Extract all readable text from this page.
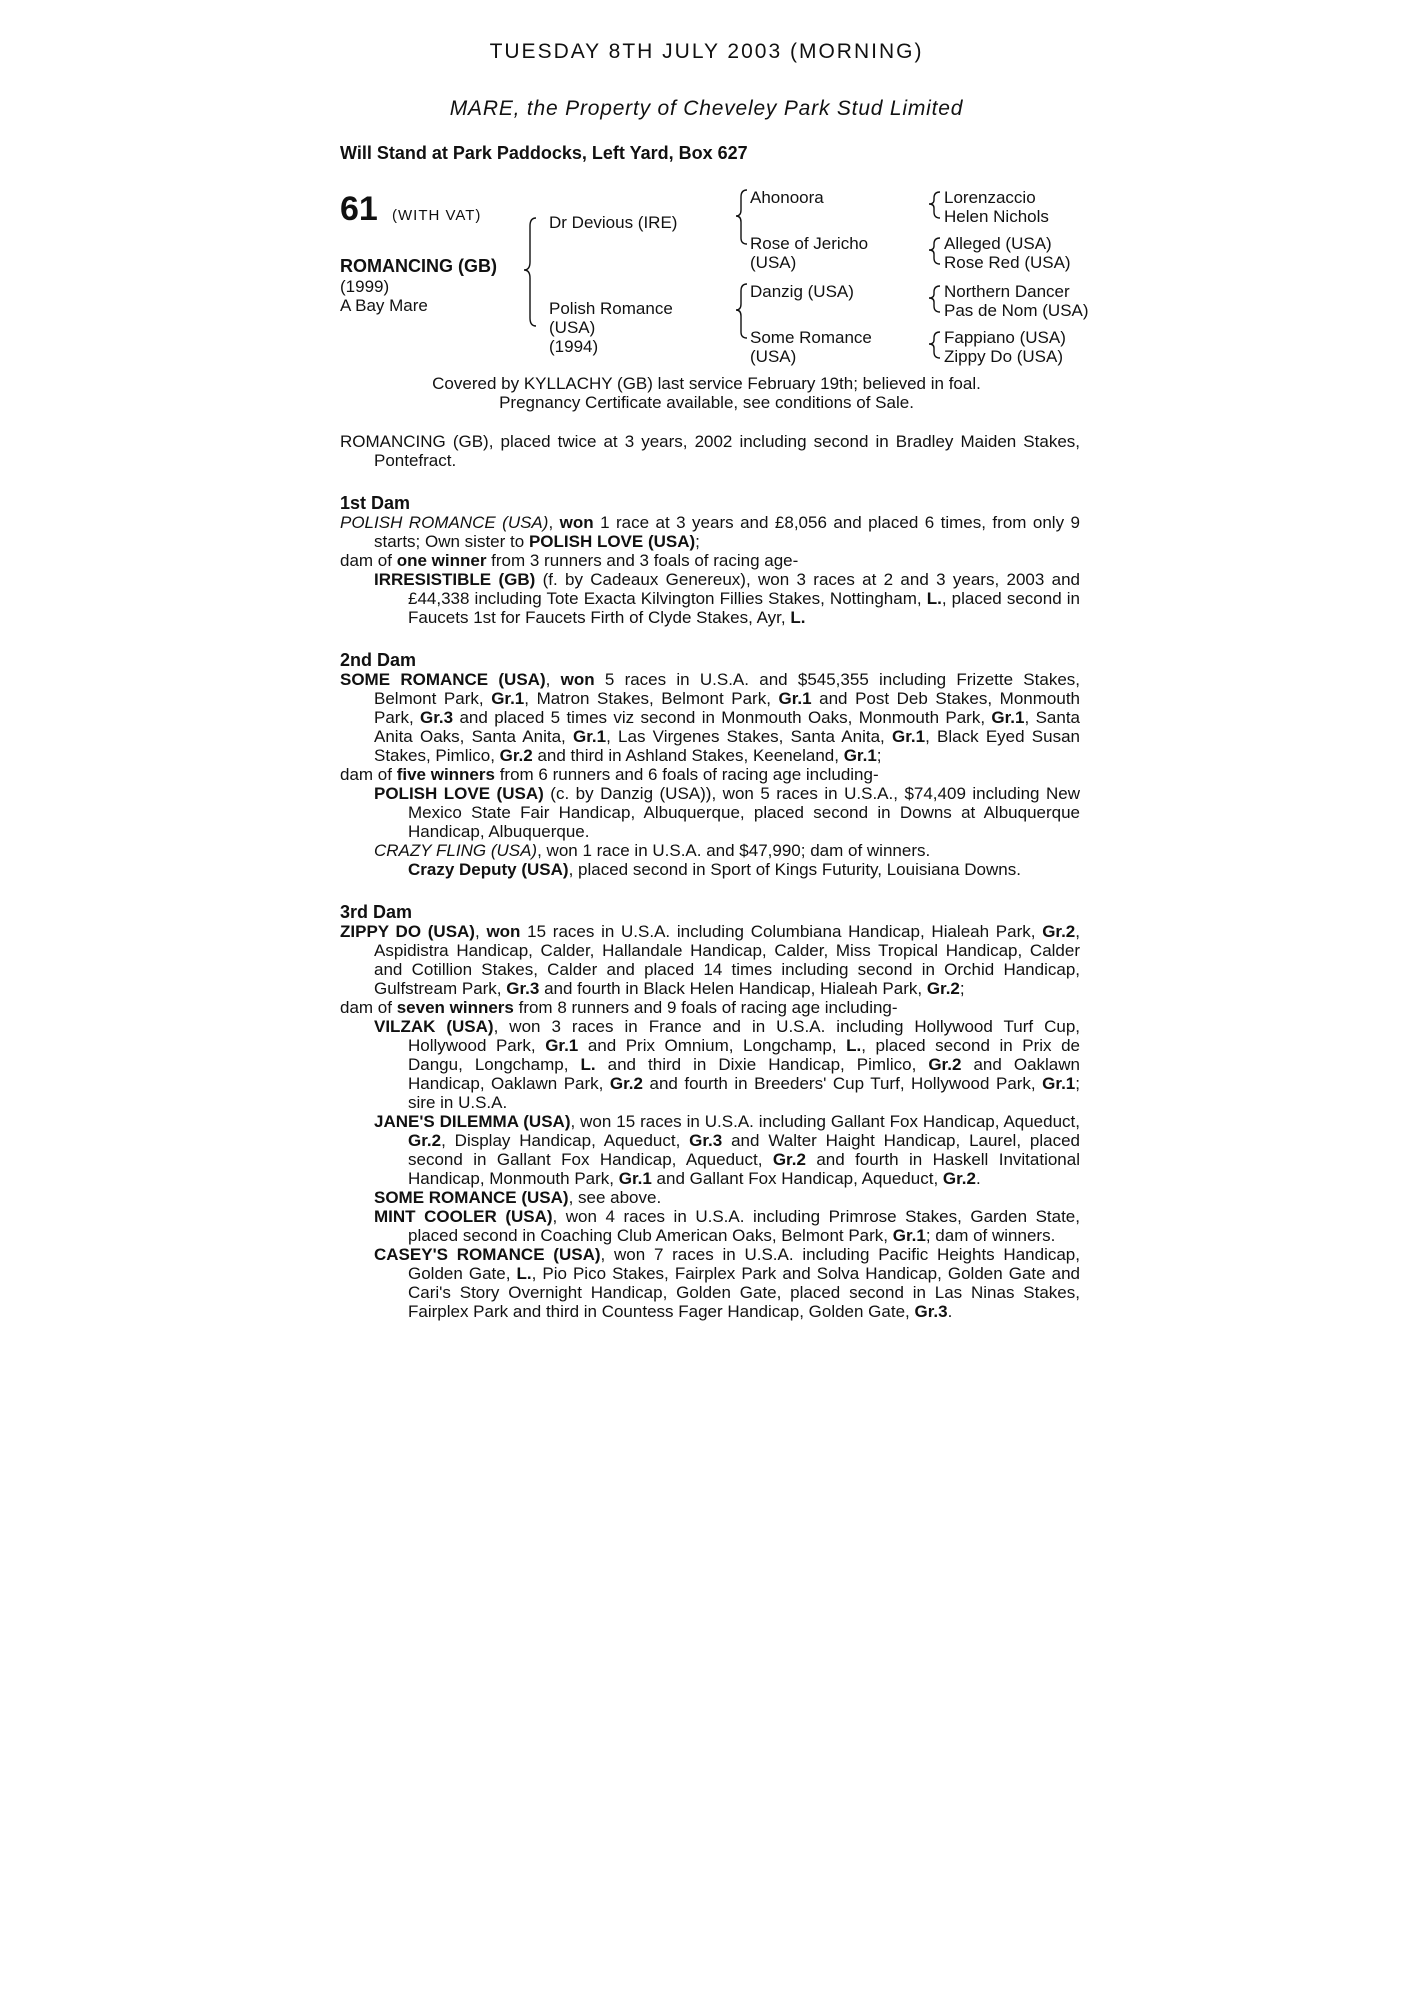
TUESDAY 8TH JULY 2003 (MORNING)
MARE, the Property of Cheveley Park Stud Limited
Will Stand at Park Paddocks, Left Yard, Box 627
61 (WITH VAT)
ROMANCING (GB)
(1999)
A Bay Mare
Dr Devious (IRE)
Polish Romance
(USA)
(1994)
Ahonoora
Rose of Jericho
(USA)
Danzig (USA)
Some Romance
(USA)
Lorenzaccio
Helen Nichols
Alleged (USA)
Rose Red (USA)
Northern Dancer
Pas de Nom (USA)
Fappiano (USA)
Zippy Do (USA)
Covered by KYLLACHY (GB) last service February 19th; believed in foal.
Pregnancy Certificate available, see conditions of Sale.

ROMANCING (GB), placed twice at 3 years, 2002 including second in Bradley Maiden Stakes, Pontefract.

1st Dam

POLISH ROMANCE (USA), won 1 race at 3 years and £8,056 and placed 6 times, from only 9 starts; Own sister to POLISH LOVE (USA);

dam of one winner from 3 runners and 3 foals of racing age-

IRRESISTIBLE (GB) (f. by Cadeaux Genereux), won 3 races at 2 and 3 years, 2003 and £44,338 including Tote Exacta Kilvington Fillies Stakes, Nottingham, L., placed second in Faucets 1st for Faucets Firth of Clyde Stakes, Ayr, L.

2nd Dam

SOME ROMANCE (USA), won 5 races in U.S.A. and $545,355 including Frizette Stakes, Belmont Park, Gr.1, Matron Stakes, Belmont Park, Gr.1 and Post Deb Stakes, Monmouth Park, Gr.3 and placed 5 times viz second in Monmouth Oaks, Monmouth Park, Gr.1, Santa Anita Oaks, Santa Anita, Gr.1, Las Virgenes Stakes, Santa Anita, Gr.1, Black Eyed Susan Stakes, Pimlico, Gr.2 and third in Ashland Stakes, Keeneland, Gr.1;

dam of five winners from 6 runners and 6 foals of racing age including-

POLISH LOVE (USA) (c. by Danzig (USA)), won 5 races in U.S.A., $74,409 including New Mexico State Fair Handicap, Albuquerque, placed second in Downs at Albuquerque Handicap, Albuquerque.

CRAZY FLING (USA), won 1 race in U.S.A. and $47,990; dam of winners.

Crazy Deputy (USA), placed second in Sport of Kings Futurity, Louisiana Downs.

3rd Dam

ZIPPY DO (USA), won 15 races in U.S.A. including Columbiana Handicap, Hialeah Park, Gr.2, Aspidistra Handicap, Calder, Hallandale Handicap, Calder, Miss Tropical Handicap, Calder and Cotillion Stakes, Calder and placed 14 times including second in Orchid Handicap, Gulfstream Park, Gr.3 and fourth in Black Helen Handicap, Hialeah Park, Gr.2;

dam of seven winners from 8 runners and 9 foals of racing age including-

VILZAK (USA), won 3 races in France and in U.S.A. including Hollywood Turf Cup, Hollywood Park, Gr.1 and Prix Omnium, Longchamp, L., placed second in Prix de Dangu, Longchamp, L. and third in Dixie Handicap, Pimlico, Gr.2 and Oaklawn Handicap, Oaklawn Park, Gr.2 and fourth in Breeders' Cup Turf, Hollywood Park, Gr.1; sire in U.S.A.

JANE'S DILEMMA (USA), won 15 races in U.S.A. including Gallant Fox Handicap, Aqueduct, Gr.2, Display Handicap, Aqueduct, Gr.3 and Walter Haight Handicap, Laurel, placed second in Gallant Fox Handicap, Aqueduct, Gr.2 and fourth in Haskell Invitational Handicap, Monmouth Park, Gr.1 and Gallant Fox Handicap, Aqueduct, Gr.2.

SOME ROMANCE (USA), see above.

MINT COOLER (USA), won 4 races in U.S.A. including Primrose Stakes, Garden State, placed second in Coaching Club American Oaks, Belmont Park, Gr.1; dam of winners.

CASEY'S ROMANCE (USA), won 7 races in U.S.A. including Pacific Heights Handicap, Golden Gate, L., Pio Pico Stakes, Fairplex Park and Solva Handicap, Golden Gate and Cari's Story Overnight Handicap, Golden Gate, placed second in Las Ninas Stakes, Fairplex Park and third in Countess Fager Handicap, Golden Gate, Gr.3.
